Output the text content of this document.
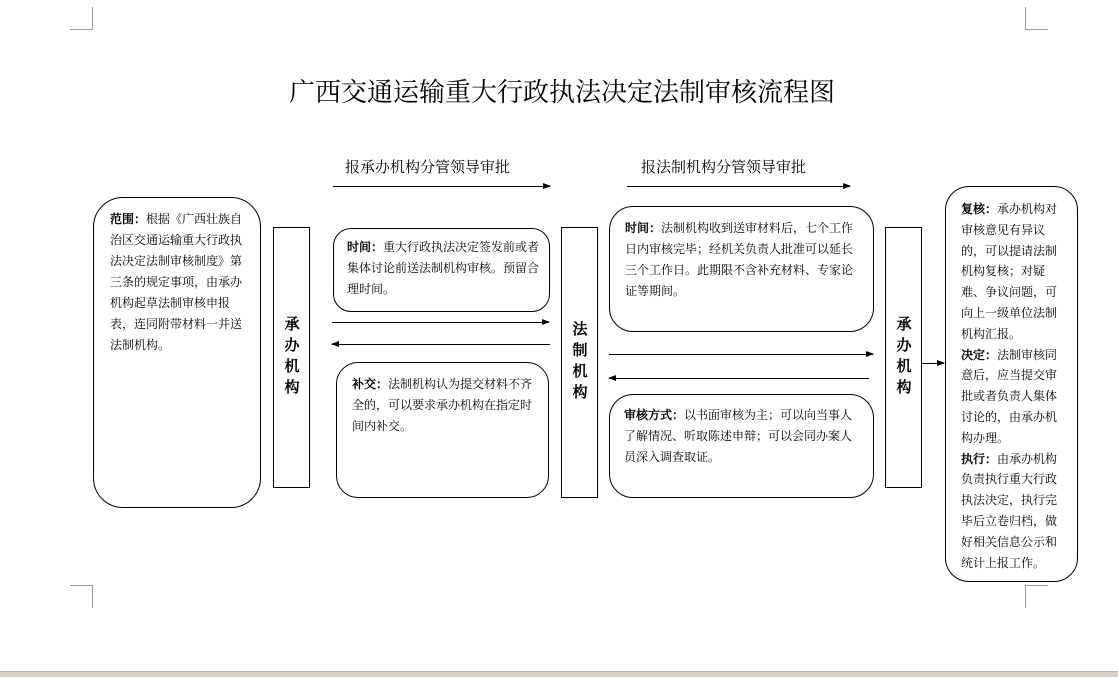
广西交通运输重大行政执法决定法制审核流程图
报承办机构分管领导审批	报法制机构分管领导审批
范围：根据《广西壮族自治区交通运输重大行政执法决定法制审核制度》第三条的规定事项，由承办机构起草法制审核申报表，连同附带材料一并送法制机构。	承办机构
时间：重大行政执法决定签发前或者集体讨论前送法制机构审核。预留合理时间。
补交：法制机构认为提交材料不齐全的，可以要求承办机构在指定时间内补交。
法制机构
时间：法制机构收到送审材料后，七个工作日内审核完毕；经机关负责人批准可以延长三个工作日。此期限不含补充材料、专家论证等期间。
审核方式：以书面审核为主；可以向当事人了解情况、听取陈述申辩；可以会同办案人员深入调查取证。
承办机构
复核：承办机构对审核意见有异议的，可以提请法制机构复核；对疑难、争议问题，可向上一级单位法制机构汇报。
决定：法制审核同意后，应当提交审批或者负责人集体讨论的，由承办机构办理。
执行：由承办机构负责执行重大行政执法决定，执行完毕后立卷归档，做好相关信息公示和统计上报工作。
